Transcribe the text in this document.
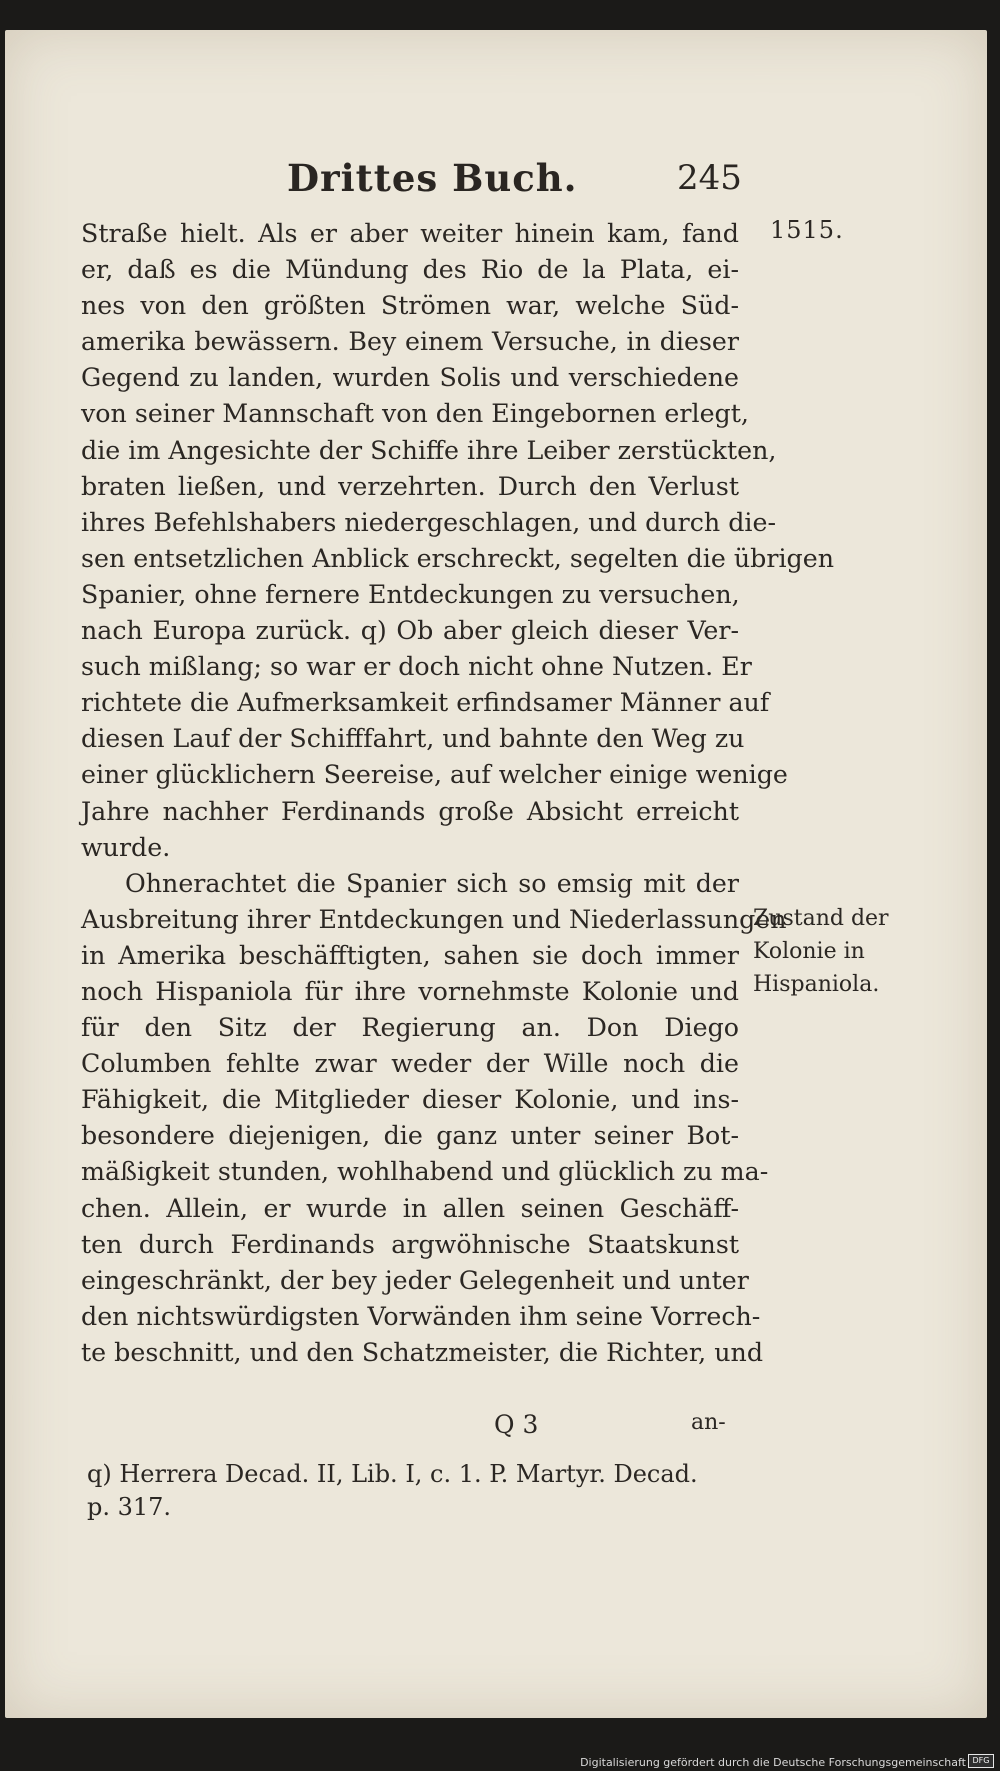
Drittes Buch.	245
Straße hielt. Als er aber weiter hinein kam, fand
er, daß es die Mündung des Rio de la Plata, ei-
nes von den größten Strömen war, welche Süd-
amerika bewässern. Bey einem Versuche, in dieser
Gegend zu landen, wurden Solis und verschiedene
von seiner Mannschaft von den Eingebornen erlegt,
die im Angesichte der Schiffe ihre Leiber zerstückten,
braten ließen, und verzehrten. Durch den Verlust
ihres Befehlshabers niedergeschlagen, und durch die-
sen entsetzlichen Anblick erschreckt, segelten die übrigen
Spanier, ohne fernere Entdeckungen zu versuchen,
nach Europa zurück. q) Ob aber gleich dieser Ver-
such mißlang; so war er doch nicht ohne Nutzen. Er
richtete die Aufmerksamkeit erfindsamer Männer auf
diesen Lauf der Schifffahrt, und bahnte den Weg zu
einer glücklichern Seereise, auf welcher einige wenige
Jahre nachher Ferdinands große Absicht erreicht
wurde.
Ohnerachtet die Spanier sich so emsig mit der
Ausbreitung ihrer Entdeckungen und Niederlassungen
in Amerika beschäfftigten, sahen sie doch immer
noch Hispaniola für ihre vornehmste Kolonie und
für den Sitz der Regierung an. Don Diego
Columben fehlte zwar weder der Wille noch die
Fähigkeit, die Mitglieder dieser Kolonie, und ins-
besondere diejenigen, die ganz unter seiner Bot-
mäßigkeit stunden, wohlhabend und glücklich zu ma-
chen. Allein, er wurde in allen seinen Geschäff-
ten durch Ferdinands argwöhnische Staatskunst
eingeschränkt, der bey jeder Gelegenheit und unter
den nichtswürdigsten Vorwänden ihm seine Vorrech-
te beschnitt, und den Schatzmeister, die Richter, und
1515.
Zustand der
Kolonie in
Hispaniola.
Q 3	an-
q) Herrera Decad. II, Lib. I, c. 1. P. Martyr. Decad.
p. 317.
Digitalisierung gefördert durch die Deutsche Forschungsgemeinschaft DFG
